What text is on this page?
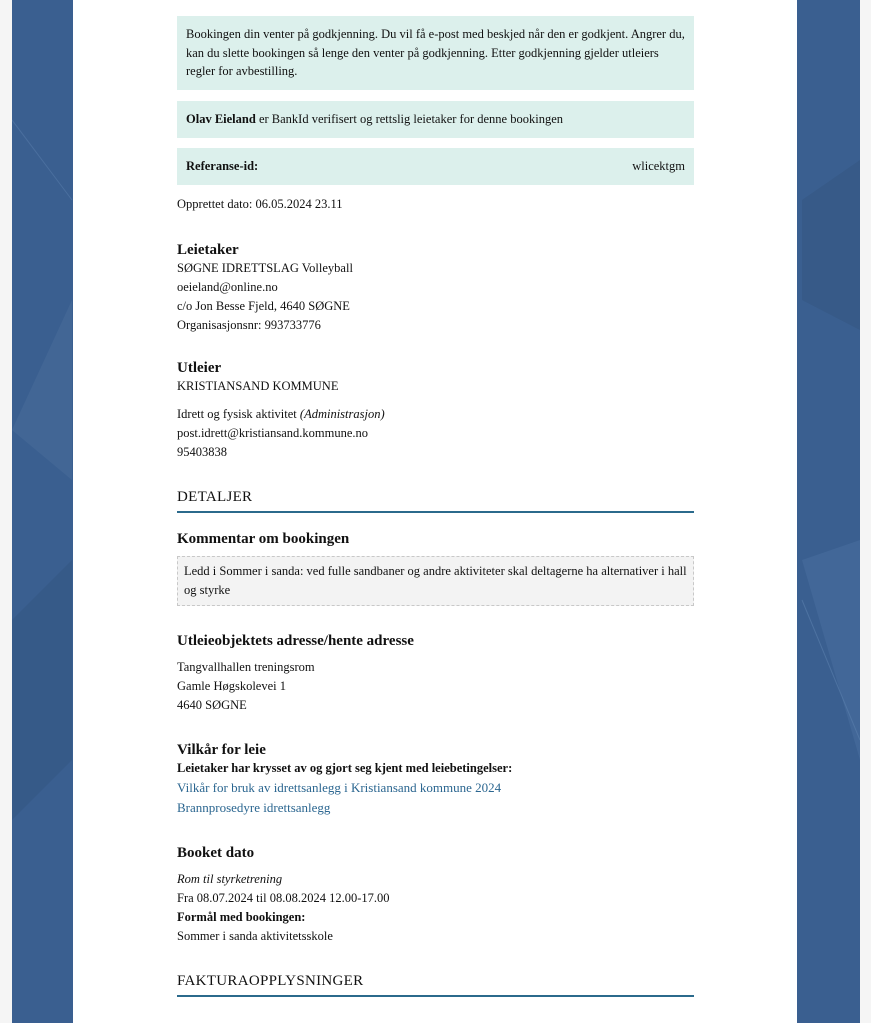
Bookingen din venter på godkjenning. Du vil få e-post med beskjed når den er godkjent. Angrer du, kan du slette bookingen så lenge den venter på godkjenning. Etter godkjenning gjelder utleiers regler for avbestilling.
Olav Eieland er BankId verifisert og rettslig leietaker for denne bookingen
Referanse-id:	wlicektgm
Opprettet dato: 06.05.2024 23.11
Leietaker
SØGNE IDRETTSLAG Volleyball
oeieland@online.no
c/o Jon Besse Fjeld, 4640 SØGNE
Organisasjonsnr: 993733776
Utleier
KRISTIANSAND KOMMUNE
Idrett og fysisk aktivitet (Administrasjon)
post.idrett@kristiansand.kommune.no
95403838
DETALJER
Kommentar om bookingen
Ledd i Sommer i sanda: ved fulle sandbaner og andre aktiviteter skal deltagerne ha alternativer i hall og styrke
Utleieobjektets adresse/hente adresse
Tangvallhallen treningsrom
Gamle Høgskolevei 1
4640 SØGNE
Vilkår for leie
Leietaker har krysset av og gjort seg kjent med leiebetingelser:
Vilkår for bruk av idrettsanlegg i Kristiansand kommune 2024
Brannprosedyre idrettsanlegg
Booket dato
Rom til styrketrening
Fra 08.07.2024 til 08.08.2024 12.00-17.00
Formål med bookingen:
Sommer i sanda aktivitetsskole
FAKTURAOPPLYSNINGER
